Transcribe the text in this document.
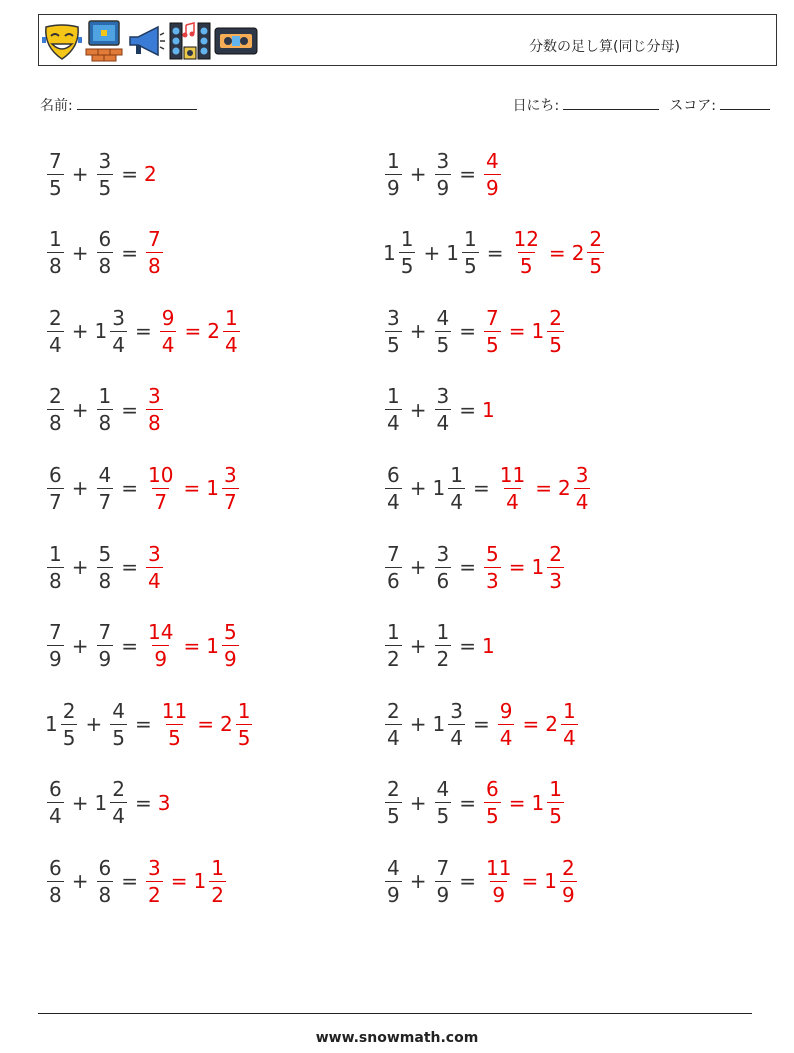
分数の足し算(同じ分母)
名前:	日にち:	スコア:
$\frac{7}{5} + \frac{3}{5} = 2$	$\frac{1}{9} + \frac{3}{9} = \frac{4}{9}$
$\frac{1}{8} + \frac{6}{8} = \frac{7}{8}$	$1 \frac{1}{5} + 1 \frac{1}{5} = \frac{12}{5} = 2 \frac{2}{5}$
$\frac{2}{4} + 1 \frac{3}{4} = \frac{9}{4} = 2 \frac{1}{4}$	$\frac{3}{5} + \frac{4}{5} = \frac{7}{5} = 1 \frac{2}{5}$
$\frac{2}{8} + \frac{1}{8} = \frac{3}{8}$	$\frac{1}{4} + \frac{3}{4} = 1$
$\frac{6}{7} + \frac{4}{7} = \frac{10}{7} = 1 \frac{3}{7}$	$\frac{6}{4} + 1 \frac{1}{4} = \frac{11}{4} = 2 \frac{3}{4}$
$\frac{1}{8} + \frac{5}{8} = \frac{3}{4}$	$\frac{7}{6} + \frac{3}{6} = \frac{5}{3} = 1 \frac{2}{3}$
$\frac{7}{9} + \frac{7}{9} = \frac{14}{9} = 1 \frac{5}{9}$	$\frac{1}{2} + \frac{1}{2} = 1$
$1 \frac{2}{5} + \frac{4}{5} = \frac{11}{5} = 2 \frac{1}{5}$	$\frac{2}{4} + 1 \frac{3}{4} = \frac{9}{4} = 2 \frac{1}{4}$
$\frac{6}{4} + 1 \frac{2}{4} = 3$	$\frac{2}{5} + \frac{4}{5} = \frac{6}{5} = 1 \frac{1}{5}$
$\frac{6}{8} + \frac{6}{8} = \frac{3}{2} = 1 \frac{1}{2}$	$\frac{4}{9} + \frac{7}{9} = \frac{11}{9} = 1 \frac{2}{9}$
www.snowmath.com
